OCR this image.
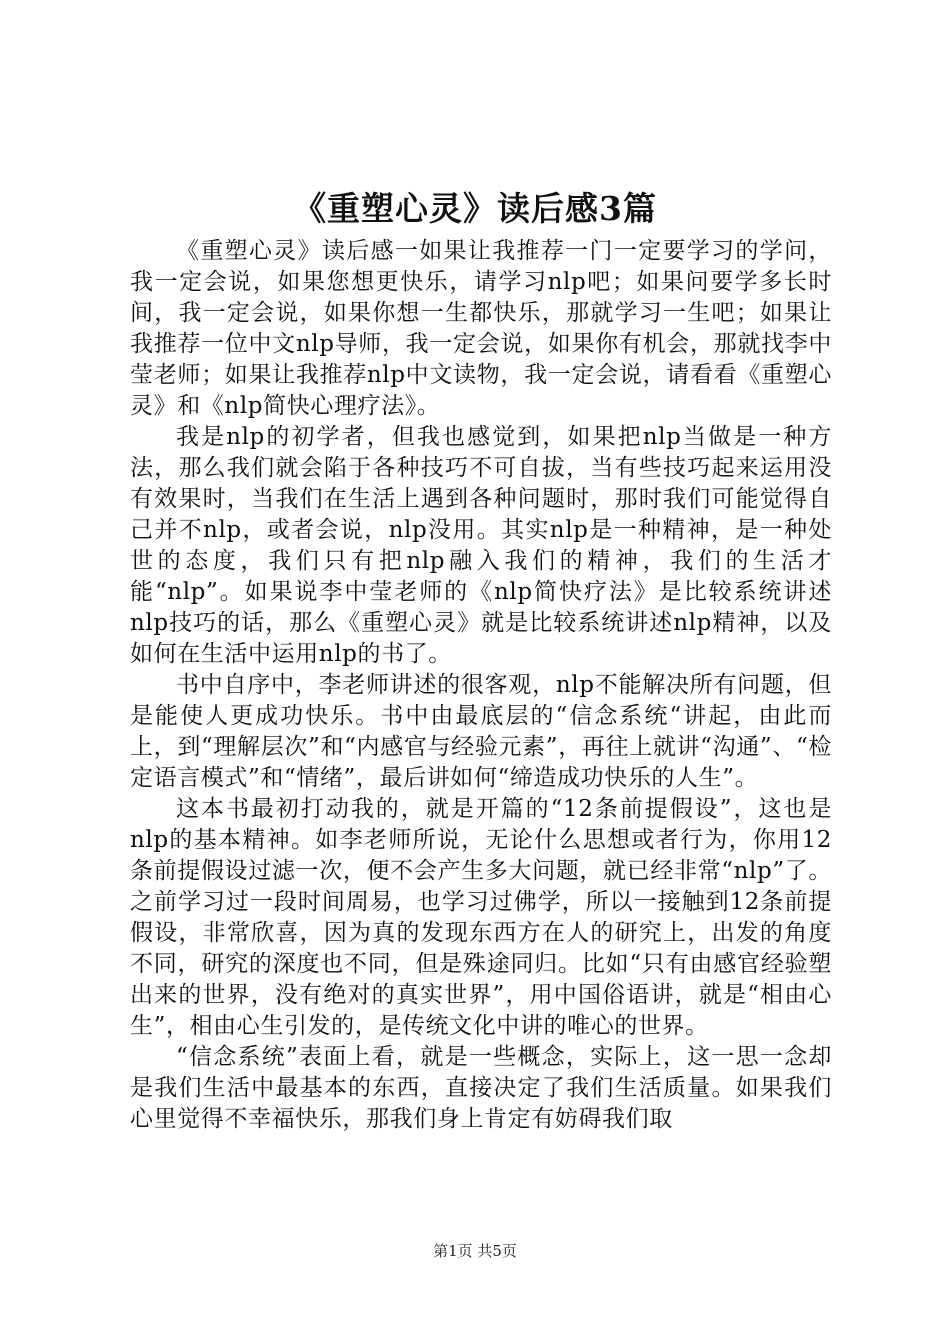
《重塑心灵》读后感3篇

《重塑心灵》读后感一如果让我推荐一门一定要学习的学问，我一定会说，如果您想更快乐，请学习nlp吧；如果问要学多长时间，我一定会说，如果你想一生都快乐，那就学习一生吧；如果让我推荐一位中文nlp导师，我一定会说，如果你有机会，那就找李中莹老师；如果让我推荐nlp中文读物，我一定会说，请看看《重塑心灵》和《nlp简快心理疗法》。

我是nlp的初学者，但我也感觉到，如果把nlp当做是一种方法，那么我们就会陷于各种技巧不可自拔，当有些技巧起来运用没有效果时，当我们在生活上遇到各种问题时，那时我们可能觉得自己并不nlp，或者会说，nlp没用。其实nlp是一种精神，是一种处世的态度，我们只有把nlp融入我们的精神，我们的生活才能“nlp”。如果说李中莹老师的《nlp简快疗法》是比较系统讲述nlp技巧的话，那么《重塑心灵》就是比较系统讲述nlp精神，以及如何在生活中运用nlp的书了。

书中自序中，李老师讲述的很客观，nlp不能解决所有问题，但是能使人更成功快乐。书中由最底层的“信念系统“讲起，由此而上，到“理解层次”和“内感官与经验元素”，再往上就讲“沟通”、“检定语言模式”和“情绪”，最后讲如何“缔造成功快乐的人生”。

这本书最初打动我的，就是开篇的“12条前提假设”，这也是nlp的基本精神。如李老师所说，无论什么思想或者行为，你用12条前提假设过滤一次，便不会产生多大问题，就已经非常“nlp”了。之前学习过一段时间周易，也学习过佛学，所以一接触到12条前提假设，非常欣喜，因为真的发现东西方在人的研究上，出发的角度不同，研究的深度也不同，但是殊途同归。比如“只有由感官经验塑出来的世界，没有绝对的真实世界”，用中国俗语讲，就是“相由心生”，相由心生引发的，是传统文化中讲的唯心的世界。

“信念系统”表面上看，就是一些概念，实际上，这一思一念却是我们生活中最基本的东西，直接决定了我们生活质量。如果我们心里觉得不幸福快乐，那我们身上肯定有妨碍我们取

第1页 共5页
